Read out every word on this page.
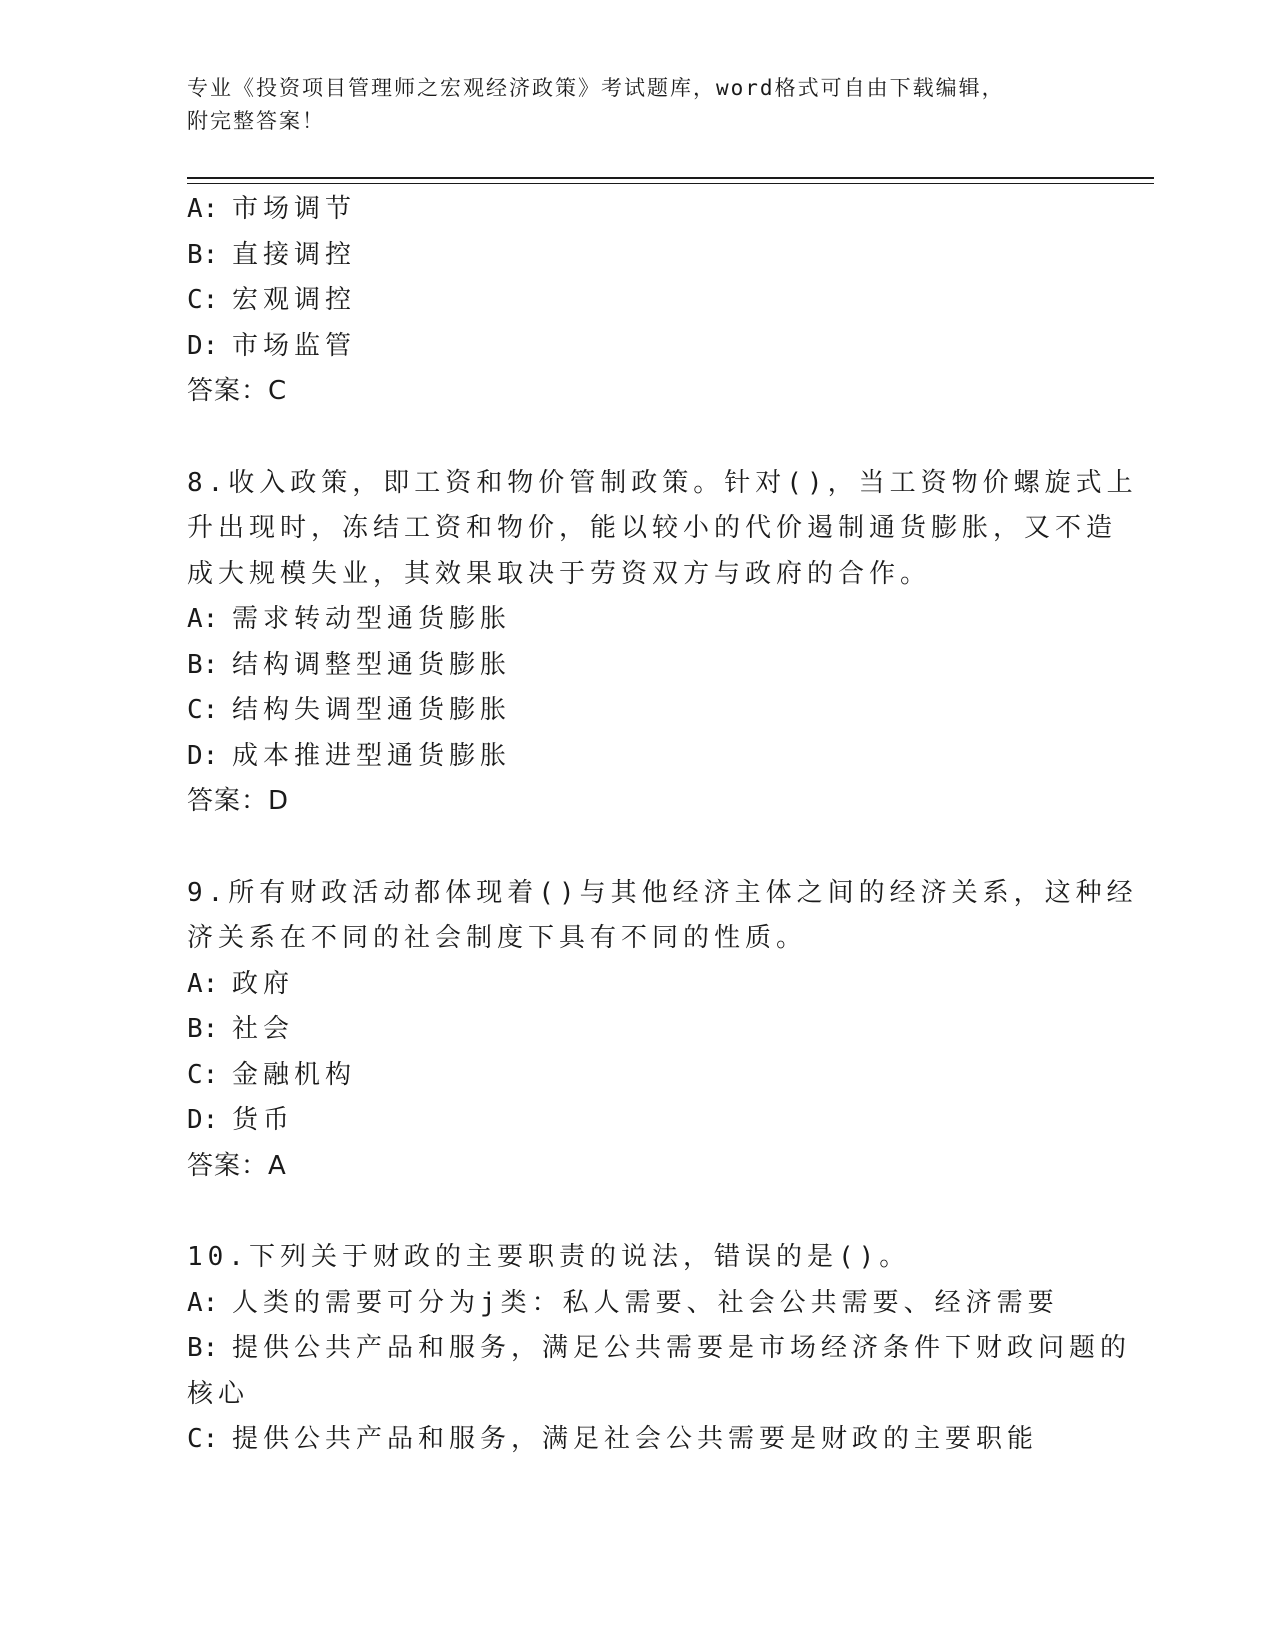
专业《投资项目管理师之宏观经济政策》考试题库，word格式可自由下载编辑，
附完整答案！
A: 市场调节
B: 直接调控
C: 宏观调控
D: 市场监管
答案：C
8.收入政策，即工资和物价管制政策。针对()，当工资物价螺旋式上
升出现时，冻结工资和物价，能以较小的代价遏制通货膨胀，又不造
成大规模失业，其效果取决于劳资双方与政府的合作。
A: 需求转动型通货膨胀
B: 结构调整型通货膨胀
C: 结构失调型通货膨胀
D: 成本推进型通货膨胀
答案：D
9.所有财政活动都体现着()与其他经济主体之间的经济关系，这种经
济关系在不同的社会制度下具有不同的性质。
A: 政府
B: 社会
C: 金融机构
D: 货币
答案：A
10.下列关于财政的主要职责的说法，错误的是()。
A: 人类的需要可分为j类：私人需要、社会公共需要、经济需要
B: 提供公共产品和服务，满足公共需要是市场经济条件下财政问题的
核心
C: 提供公共产品和服务，满足社会公共需要是财政的主要职能
